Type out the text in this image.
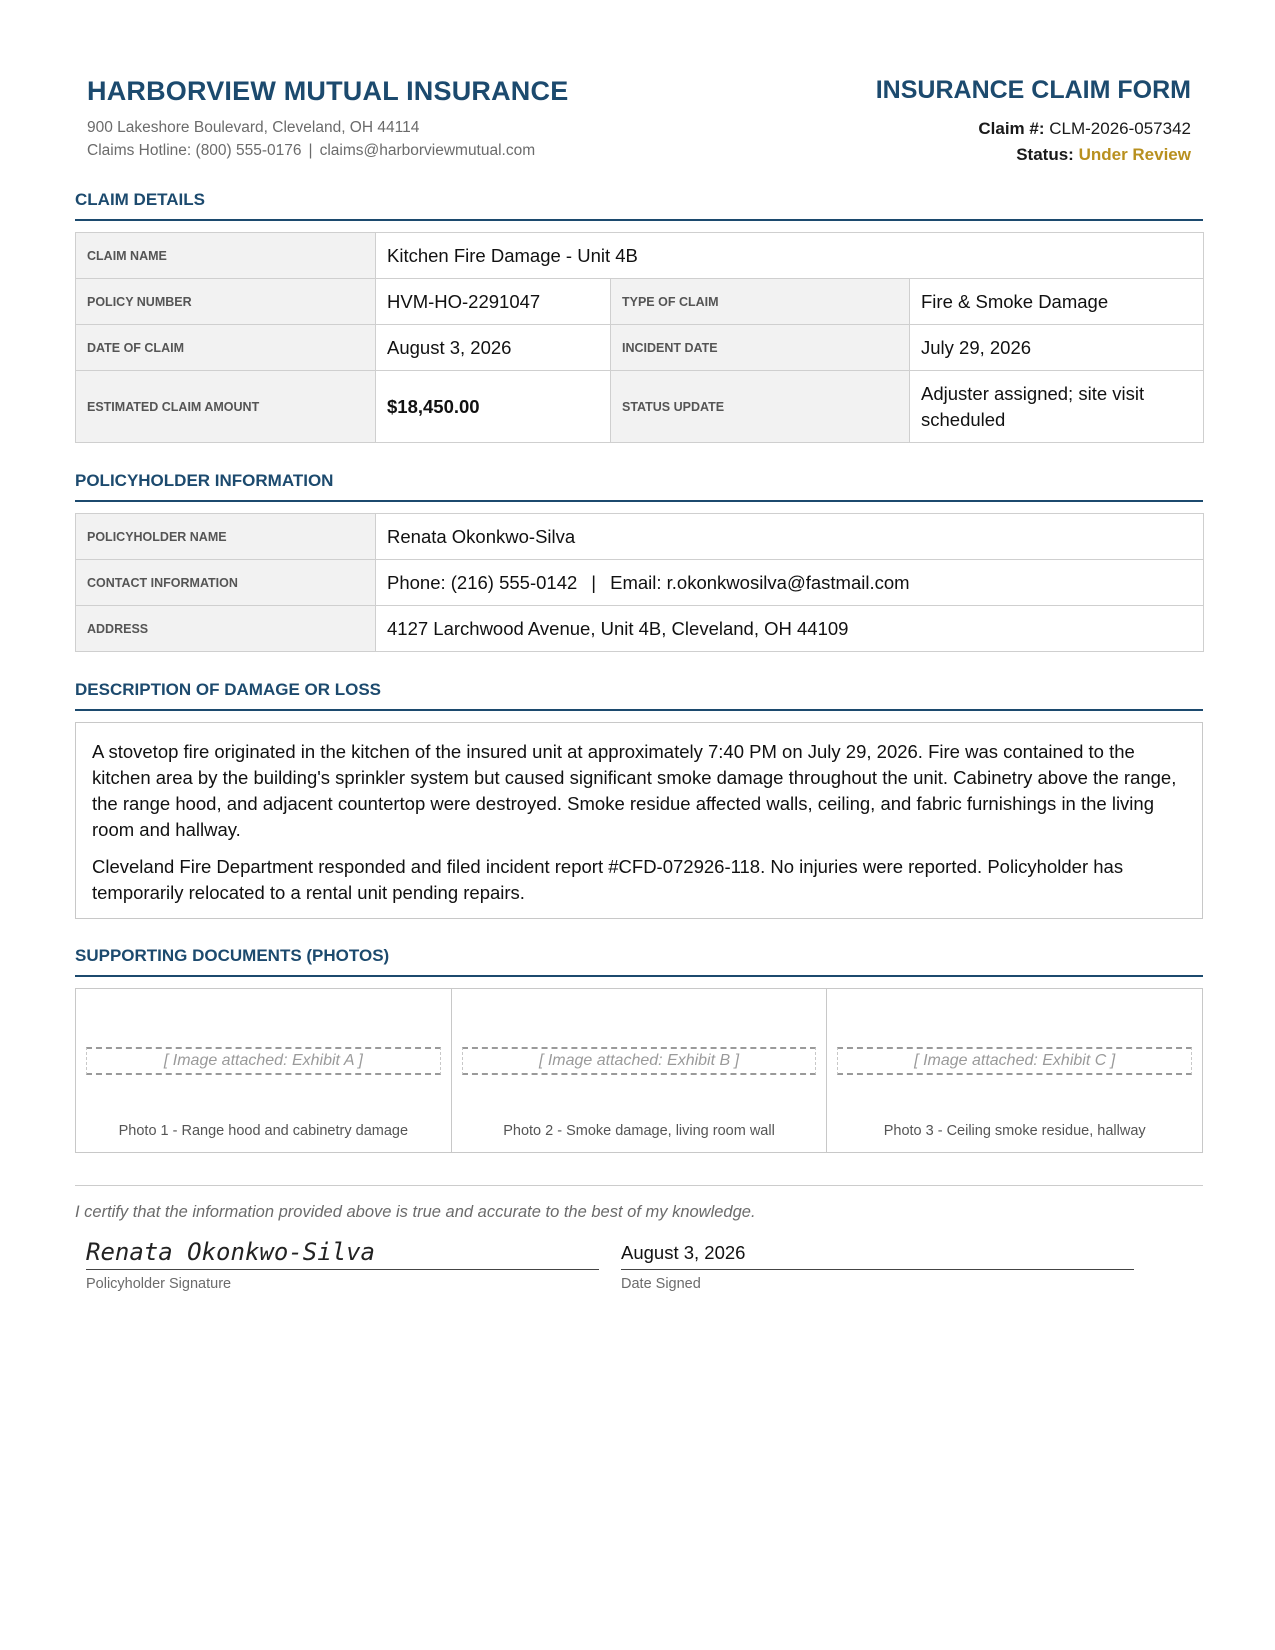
HARBORVIEW MUTUAL INSURANCE
900 Lakeshore Boulevard, Cleveland, OH 44114
Claims Hotline: (800) 555-0176 | claims@harborviewmutual.com
INSURANCE CLAIM FORM
Claim #: CLM-2026-057342
Status: Under Review
CLAIM DETAILS
CLAIM NAME	Kitchen Fire Damage - Unit 4B		
POLICY NUMBER	HVM-HO-2291047	TYPE OF CLAIM	Fire & Smoke Damage
DATE OF CLAIM	August 3, 2026	INCIDENT DATE	July 29, 2026
ESTIMATED CLAIM AMOUNT	$18,450.00	STATUS UPDATE	Adjuster assigned; site visit scheduled
POLICYHOLDER INFORMATION
POLICYHOLDER NAME	Renata Okonkwo-Silva
CONTACT INFORMATION	Phone: (216) 555-0142 | Email: r.okonkwosilva@fastmail.com
ADDRESS	4127 Larchwood Avenue, Unit 4B, Cleveland, OH 44109
DESCRIPTION OF DAMAGE OR LOSS

A stovetop fire originated in the kitchen of the insured unit at approximately 7:40 PM on July 29, 2026. Fire was contained to the kitchen area by the building's sprinkler system but caused significant smoke damage throughout the unit. Cabinetry above the range, the range hood, and adjacent countertop were destroyed. Smoke residue affected walls, ceiling, and fabric furnishings in the living room and hallway.

Cleveland Fire Department responded and filed incident report #CFD-072926-118. No injuries were reported. Policyholder has temporarily relocated to a rental unit pending repairs.

SUPPORTING DOCUMENTS (PHOTOS)
[ Image attached: Exhibit A ]
Photo 1 - Range hood and cabinetry damage
[ Image attached: Exhibit B ]
Photo 2 - Smoke damage, living room wall
[ Image attached: Exhibit C ]
Photo 3 - Ceiling smoke residue, hallway
I certify that the information provided above is true and accurate to the best of my knowledge.
Renata Okonkwo-Silva
Policyholder Signature
August 3, 2026
Date Signed
